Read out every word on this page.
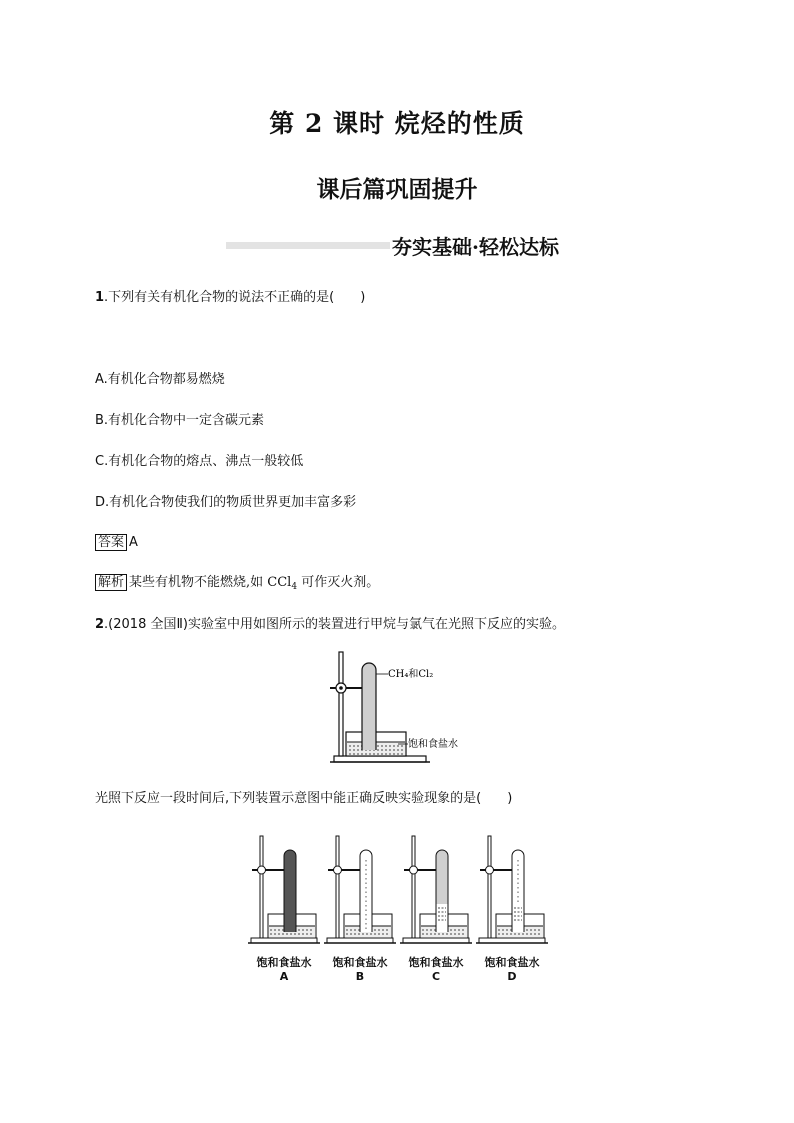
第 2 课时 烷烃的性质
课后篇巩固提升
夯实基础·轻松达标
1.下列有关有机化合物的说法不正确的是(　　)
A.有机化合物都易燃烧
B.有机化合物中一定含碳元素
C.有机化合物的熔点、沸点一般较低
D.有机化合物使我们的物质世界更加丰富多彩
答案 A
解析 某些有机物不能燃烧,如 CCl$_4$ 可作灭火剂。
2.(2018 全国Ⅱ)实验室中用如图所示的装置进行甲烷与氯气在光照下反应的实验。
CH₄和Cl₂
饱和食盐水
光照下反应一段时间后,下列装置示意图中能正确反映实验现象的是(　　)
饱和食盐水
A
饱和食盐水
B
饱和食盐水
C
饱和食盐水
D
